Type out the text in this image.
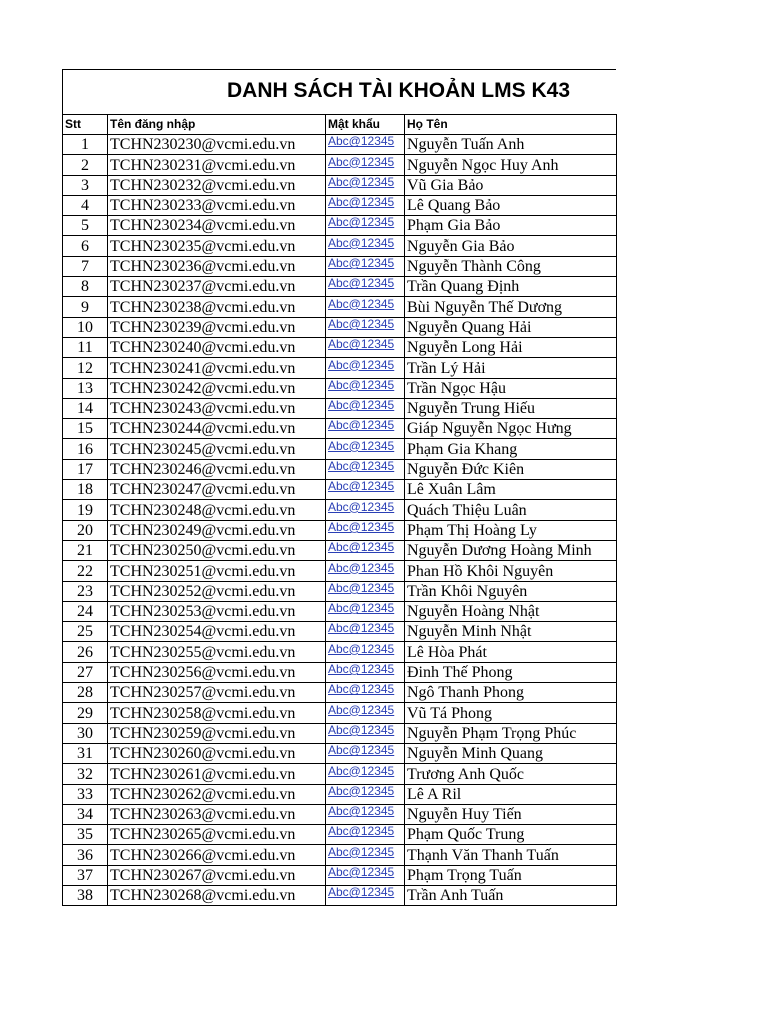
DANH SÁCH TÀI KHOẢN LMS K43
Stt	Tên đăng nhập	Mật khẩu	Họ Tên
1	TCHN230230@vcmi.edu.vn	Abc@12345	Nguyễn Tuấn Anh
2	TCHN230231@vcmi.edu.vn	Abc@12345	Nguyễn Ngọc Huy Anh
3	TCHN230232@vcmi.edu.vn	Abc@12345	Vũ Gia Bảo
4	TCHN230233@vcmi.edu.vn	Abc@12345	Lê Quang Bảo
5	TCHN230234@vcmi.edu.vn	Abc@12345	Phạm Gia Bảo
6	TCHN230235@vcmi.edu.vn	Abc@12345	Nguyễn Gia Bảo
7	TCHN230236@vcmi.edu.vn	Abc@12345	Nguyễn Thành Công
8	TCHN230237@vcmi.edu.vn	Abc@12345	Trần Quang Định
9	TCHN230238@vcmi.edu.vn	Abc@12345	Bùi Nguyễn Thế Dương
10	TCHN230239@vcmi.edu.vn	Abc@12345	Nguyễn Quang Hải
11	TCHN230240@vcmi.edu.vn	Abc@12345	Nguyễn Long Hải
12	TCHN230241@vcmi.edu.vn	Abc@12345	Trần Lý Hải
13	TCHN230242@vcmi.edu.vn	Abc@12345	Trần Ngọc Hậu
14	TCHN230243@vcmi.edu.vn	Abc@12345	Nguyễn Trung Hiếu
15	TCHN230244@vcmi.edu.vn	Abc@12345	Giáp Nguyễn Ngọc Hưng
16	TCHN230245@vcmi.edu.vn	Abc@12345	Phạm Gia Khang
17	TCHN230246@vcmi.edu.vn	Abc@12345	Nguyễn Đức Kiên
18	TCHN230247@vcmi.edu.vn	Abc@12345	Lê Xuân Lâm
19	TCHN230248@vcmi.edu.vn	Abc@12345	Quách Thiệu Luân
20	TCHN230249@vcmi.edu.vn	Abc@12345	Phạm Thị Hoàng Ly
21	TCHN230250@vcmi.edu.vn	Abc@12345	Nguyễn Dương Hoàng Minh
22	TCHN230251@vcmi.edu.vn	Abc@12345	Phan Hồ Khôi Nguyên
23	TCHN230252@vcmi.edu.vn	Abc@12345	Trần Khôi Nguyên
24	TCHN230253@vcmi.edu.vn	Abc@12345	Nguyễn Hoàng Nhật
25	TCHN230254@vcmi.edu.vn	Abc@12345	Nguyễn Minh Nhật
26	TCHN230255@vcmi.edu.vn	Abc@12345	Lê Hòa Phát
27	TCHN230256@vcmi.edu.vn	Abc@12345	Đinh Thế Phong
28	TCHN230257@vcmi.edu.vn	Abc@12345	Ngô Thanh Phong
29	TCHN230258@vcmi.edu.vn	Abc@12345	Vũ Tá Phong
30	TCHN230259@vcmi.edu.vn	Abc@12345	Nguyễn Phạm Trọng Phúc
31	TCHN230260@vcmi.edu.vn	Abc@12345	Nguyễn Minh Quang
32	TCHN230261@vcmi.edu.vn	Abc@12345	Trương Anh Quốc
33	TCHN230262@vcmi.edu.vn	Abc@12345	Lê A Ril
34	TCHN230263@vcmi.edu.vn	Abc@12345	Nguyễn Huy Tiến
35	TCHN230265@vcmi.edu.vn	Abc@12345	Phạm Quốc Trung
36	TCHN230266@vcmi.edu.vn	Abc@12345	Thạnh Văn Thanh Tuấn
37	TCHN230267@vcmi.edu.vn	Abc@12345	Phạm Trọng Tuấn
38	TCHN230268@vcmi.edu.vn	Abc@12345	Trần Anh Tuấn
